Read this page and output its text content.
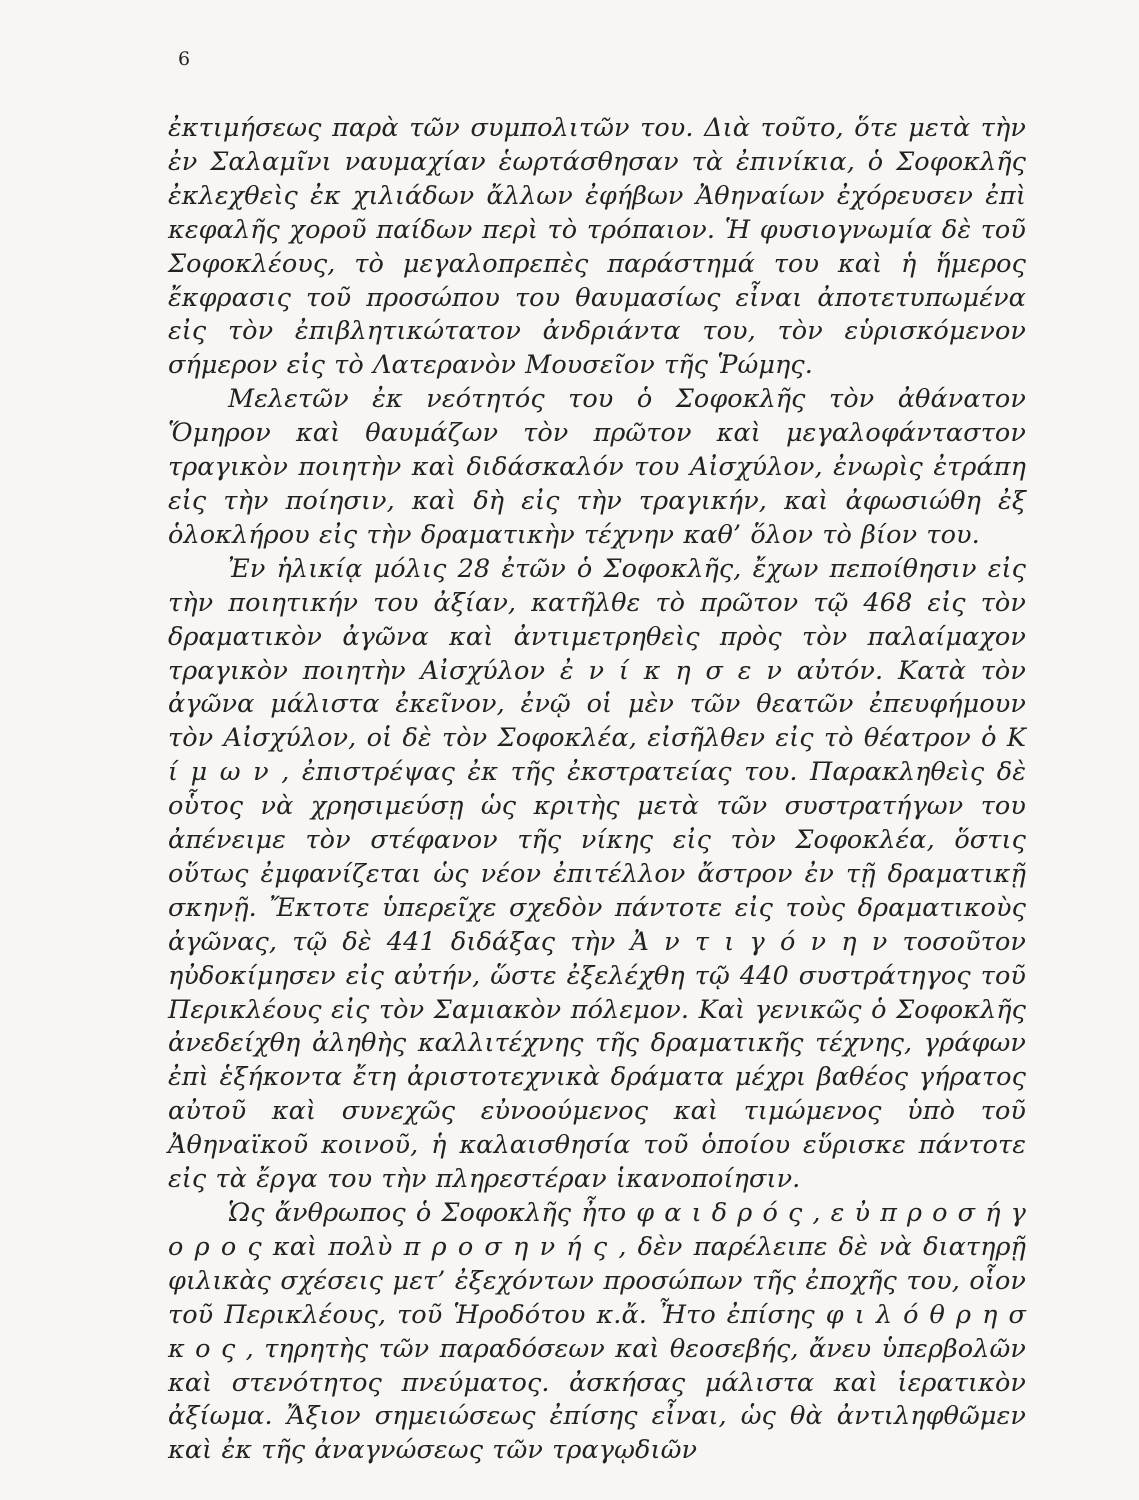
6

ἐκτιμήσεως παρὰ τῶν συμπολιτῶν του. Διὰ τοῦτο, ὅτε μετὰ τὴν ἐν Σαλαμῖνι ναυμαχίαν ἑωρτάσθησαν τὰ ἐπινίκια, ὁ Σοφοκλῆς ἐκλεχθεὶς ἐκ χιλιάδων ἄλλων ἐφήβων Ἀθηναίων ἐχόρευσεν ἐπὶ κεφαλῆς χοροῦ παίδων περὶ τὸ τρόπαιον. Ἡ φυσιογνωμία δὲ τοῦ Σοφοκλέους, τὸ μεγαλοπρεπὲς παράστημά του καὶ ἡ ἥμερος ἔκφρασις τοῦ προσώπου του θαυμασίως εἶναι ἀποτετυπωμένα εἰς τὸν ἐπιβλητικώτατον ἀνδριάντα του, τὸν εὑρισκόμενον σήμερον εἰς τὸ Λατερανὸν Μουσεῖον τῆς Ῥώμης.

Μελετῶν ἐκ νεότητός του ὁ Σοφοκλῆς τὸν ἀθάνατον Ὅμηρον καὶ θαυμάζων τὸν πρῶτον καὶ μεγαλοφάνταστον τραγικὸν ποιητὴν καὶ διδάσκαλόν του Αἰσχύλον, ἐνωρὶς ἐτράπη εἰς τὴν ποίησιν, καὶ δὴ εἰς τὴν τραγικήν, καὶ ἀφωσιώθη ἐξ ὁλοκλήρου εἰς τὴν δραματικὴν τέχνην καθ’ ὅλον τὸ βίον του.

Ἐν ἡλικίᾳ μόλις 28 ἐτῶν ὁ Σοφοκλῆς, ἔχων πεποίθησιν εἰς τὴν ποιητικήν του ἀξίαν, κατῆλθε τὸ πρῶτον τῷ 468 εἰς τὸν δραματικὸν ἀγῶνα καὶ ἀντιμετρηθεὶς πρὸς τὸν παλαίμαχον τραγικὸν ποιητὴν Αἰσχύλον ἐ ν ί κ η σ ε ν αὐτόν. Κατὰ τὸν ἀγῶνα μάλιστα ἐκεῖνον, ἐνῷ οἱ μὲν τῶν θεατῶν ἐπευφήμουν τὸν Αἰσχύλον, οἱ δὲ τὸν Σοφοκλέα, εἰσῆλθεν εἰς τὸ θέατρον ὁ Κ ί μ ω ν , ἐπιστρέψας ἐκ τῆς ἐκστρατείας του. Παρακληθεὶς δὲ οὗτος νὰ χρησιμεύσῃ ὡς κριτὴς μετὰ τῶν συστρατήγων του ἀπένειμε τὸν στέφανον τῆς νίκης εἰς τὸν Σοφοκλέα, ὅστις οὕτως ἐμφανίζεται ὡς νέον ἐπιτέλλον ἄστρον ἐν τῇ δραματικῇ σκηνῇ. Ἔκτοτε ὑπερεῖχε σχεδὸν πάντοτε εἰς τοὺς δραματικοὺς ἀγῶνας, τῷ δὲ 441 διδάξας τὴν Ἀ ν τ ι γ ό ν η ν τοσοῦτον ηὐδοκίμησεν εἰς αὐτήν, ὥστε ἐξελέχθη τῷ 440 συστράτηγος τοῦ Περικλέους εἰς τὸν Σαμιακὸν πόλεμον. Καὶ γενικῶς ὁ Σοφοκλῆς ἀνεδείχθη ἀληθὴς καλλιτέχνης τῆς δραματικῆς τέχνης, γράφων ἐπὶ ἑξήκοντα ἔτη ἀριστοτεχνικὰ δράματα μέχρι βαθέος γήρατος αὐτοῦ καὶ συνεχῶς εὐνοούμενος καὶ τιμώμενος ὑπὸ τοῦ Ἀθηναϊκοῦ κοινοῦ, ἡ καλαισθησία τοῦ ὁποίου εὕρισκε πάντοτε εἰς τὰ ἔργα του τὴν πληρεστέραν ἱκανοποίησιν.

Ὡς ἄνθρωπος ὁ Σοφοκλῆς ἦτο φ α ι δ ρ ό ς , ε ὐ π ρ ο σ ή γ ο ρ ο ς καὶ πολὺ π ρ ο σ η ν ή ς , δὲν παρέλειπε δὲ νὰ διατηρῇ φιλικὰς σχέσεις μετ’ ἐξεχόντων προσώπων τῆς ἐποχῆς του, οἷον τοῦ Περικλέους, τοῦ Ἡροδότου κ.ἄ. Ἦτο ἐπίσης φ ι λ ό θ ρ η σ κ ο ς , τηρητὴς τῶν παραδόσεων καὶ θεοσεβής, ἄνευ ὑπερβολῶν καὶ στενότητος πνεύματος. ἀσκήσας μάλιστα καὶ ἱερατικὸν ἀξίωμα. Ἄξιον σημειώσεως ἐπίσης εἶναι, ὡς θὰ ἀντιληφθῶμεν καὶ ἐκ τῆς ἀναγνώσεως τῶν τραγῳδιῶν
